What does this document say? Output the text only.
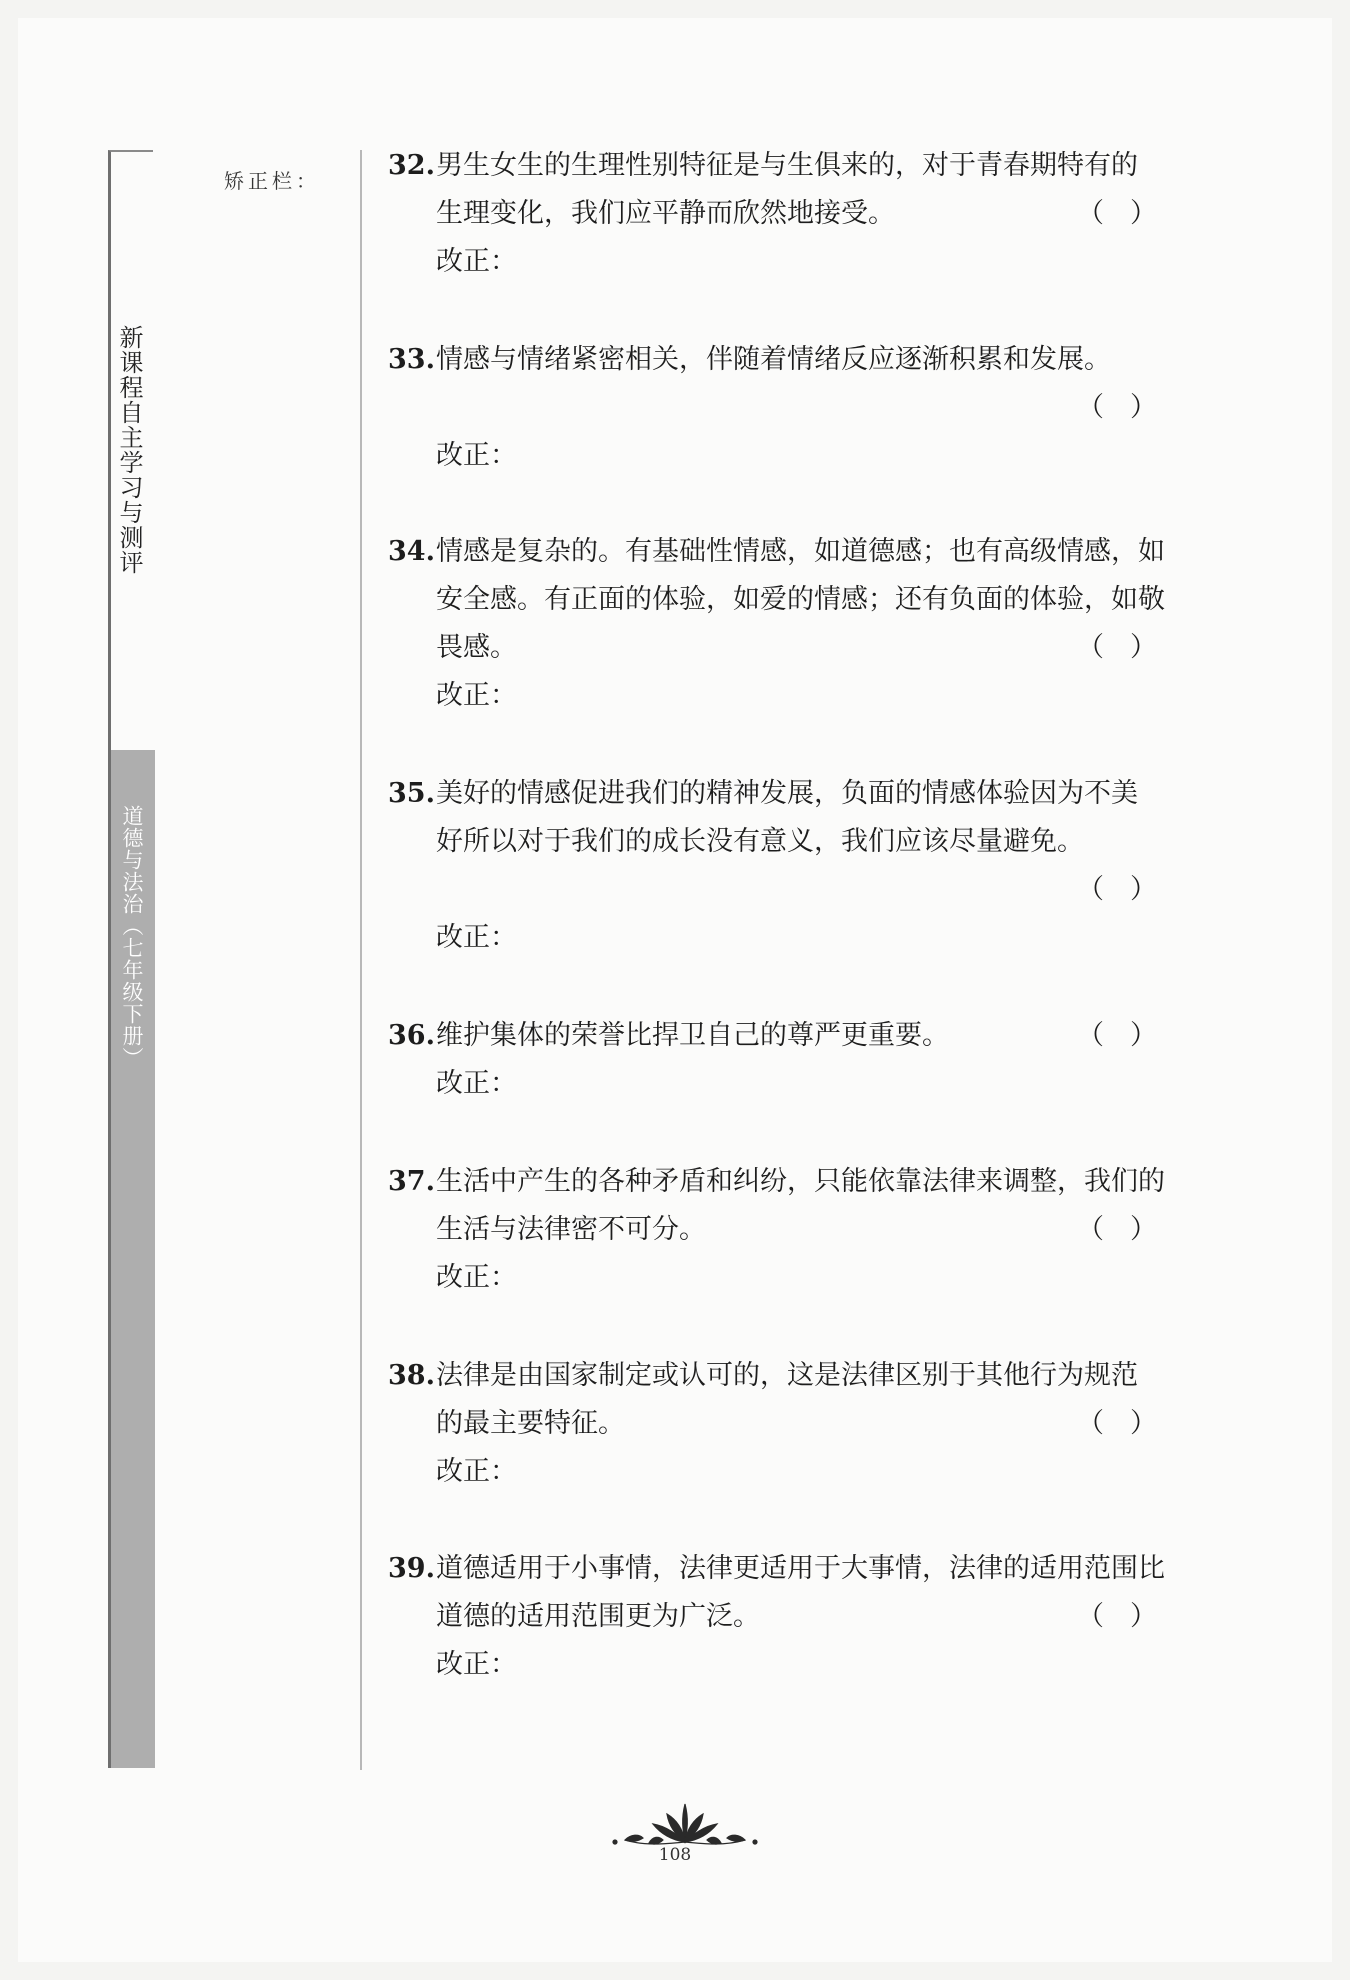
新课程自主学习与测评
道德与法治（七年级下册）
矫正栏：	32. 男生女生的生理性别特征是与生俱来的，对于青春期特有的
生理变化，我们应平静而欣然地接受。	（ ）
改正：
33. 情感与情绪紧密相关，伴随着情绪反应逐渐积累和发展。
（ ）
改正：
34. 情感是复杂的。有基础性情感，如道德感；也有高级情感，如
安全感。有正面的体验，如爱的情感；还有负面的体验，如敬
畏感。	（ ）
改正：
35. 美好的情感促进我们的精神发展，负面的情感体验因为不美
好所以对于我们的成长没有意义，我们应该尽量避免。
（ ）
改正：
36. 维护集体的荣誉比捍卫自己的尊严更重要。	（ ）
改正：
37. 生活中产生的各种矛盾和纠纷，只能依靠法律来调整，我们的
生活与法律密不可分。	（ ）
改正：
38. 法律是由国家制定或认可的，这是法律区别于其他行为规范
的最主要特征。	（ ）
改正：
39. 道德适用于小事情，法律更适用于大事情，法律的适用范围比
道德的适用范围更为广泛。	（ ）
改正：
108
